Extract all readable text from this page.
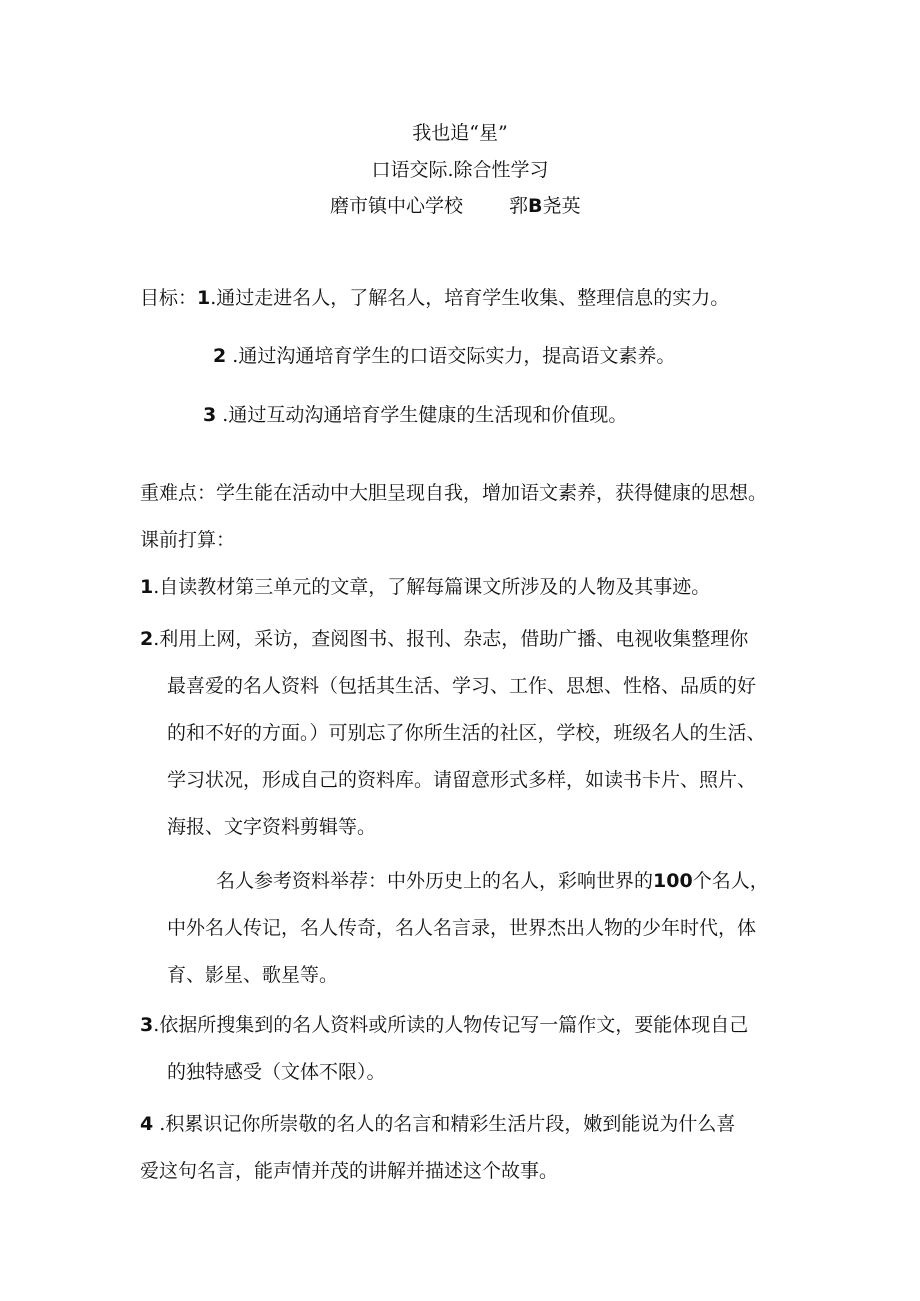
我也追“星”
口语交际.除合性学习
磨市镇中心学校 郛B尧英
目标：1.通过走进名人，了解名人，培育学生收集、整理信息的实力。
2 .通过沟通培育学生的口语交际实力，提高语文素养。
3 .通过互动沟通培育学生健康的生活现和价值现。
重难点：学生能在活动中大胆呈现自我，增加语文素养，获得健康的思想。
课前打算：
1.自读教材第三单元的文章，了解每篇课文所涉及的人物及其事迹。
2.利用上网，采访，查阅图书、报刊、杂志，借助广播、电视收集整理你
最喜爱的名人资料（包括其生活、学习、工作、思想、性格、品质的好
的和不好的方面。）可别忘了你所生活的社区，学校，班级名人的生活、
学习状况，形成自己的资料库。请留意形式多样，如读书卡片、照片、
海报、文字资料剪辑等。
名人参考资料举荐：中外历史上的名人，彩响世界的100个名人，
中外名人传记，名人传奇，名人名言录，世界杰出人物的少年时代，体
育、影星、歌星等。
3.依据所搜集到的名人资料或所读的人物传记写一篇作文，要能体现自己
的独特感受（文体不限）。
4 .积累识记你所崇敬的名人的名言和精彩生活片段，嫩到能说为什么喜
爱这句名言，能声情并茂的讲解并描述这个故事。
